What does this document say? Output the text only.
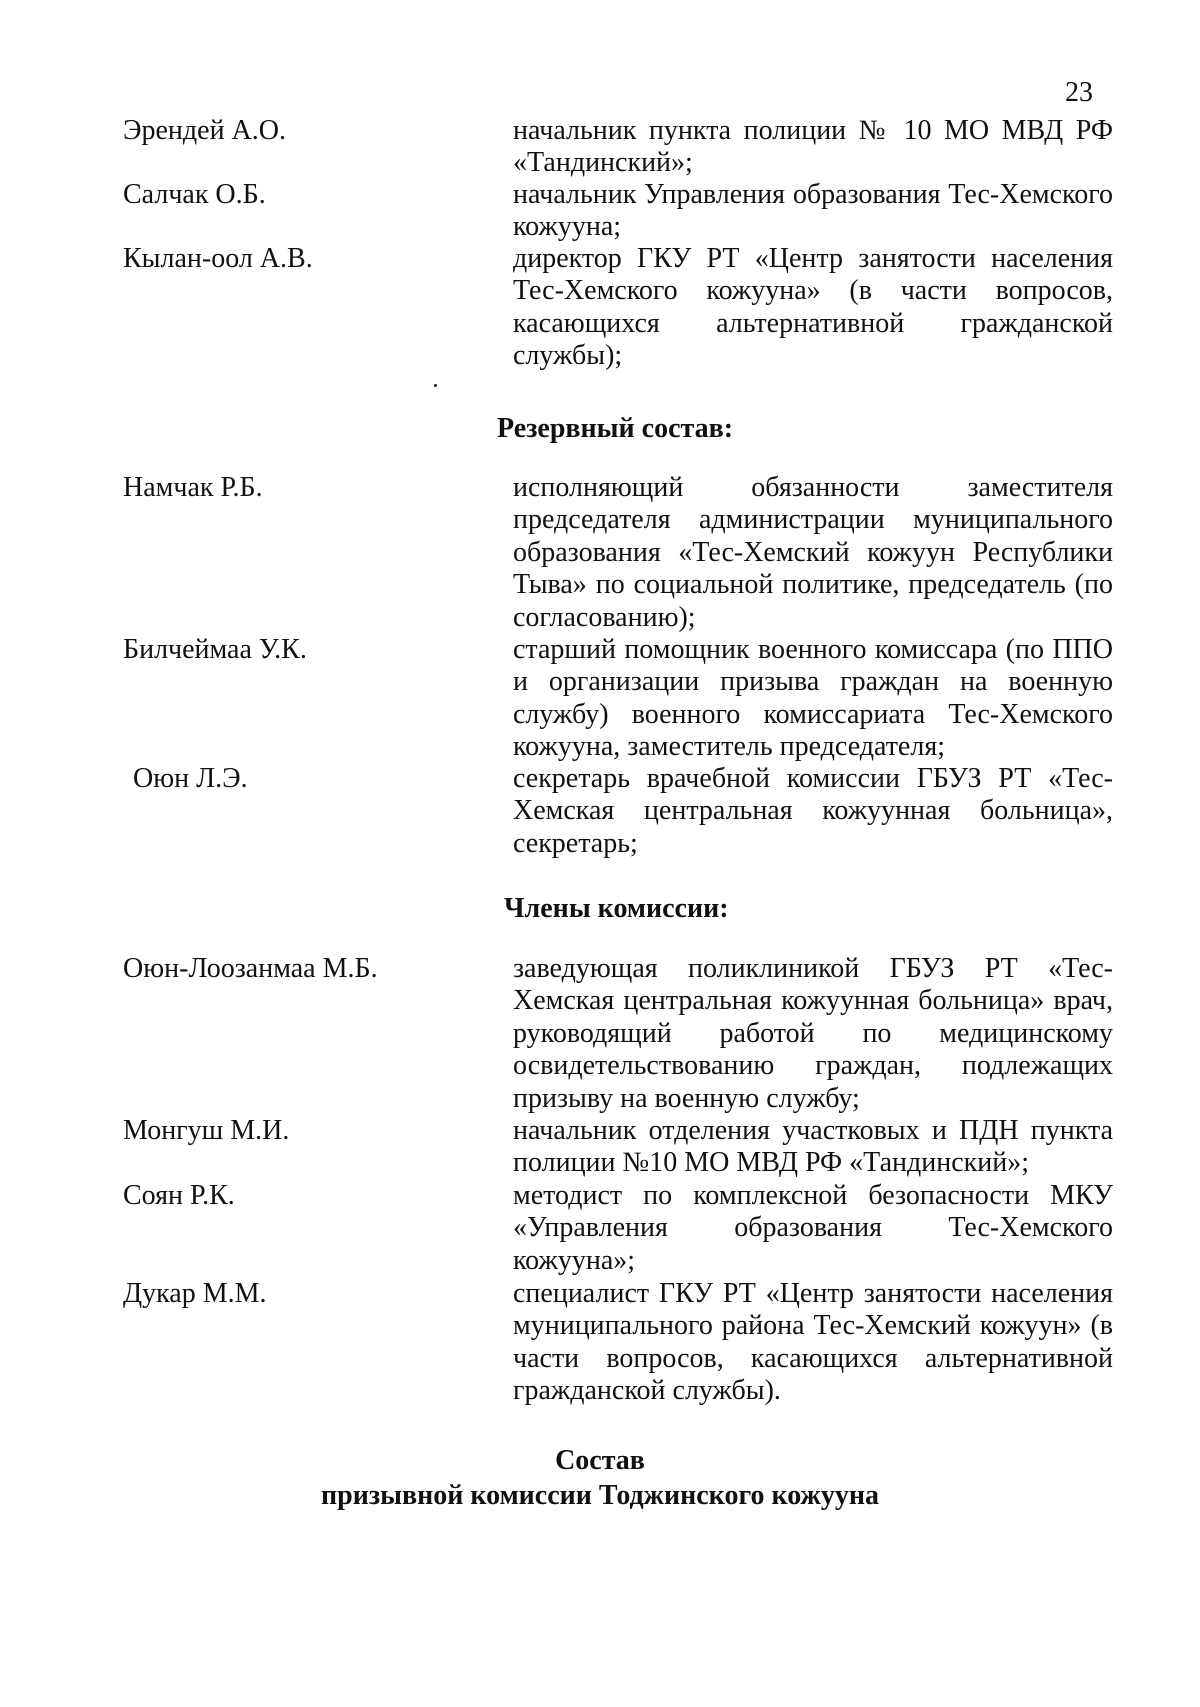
23
Эрендей А.О.	начальник пункта полиции № 10 МО МВД РФ «Тандинский»;
Салчак О.Б.	начальник Управления образования Тес-Хемского кожууна;
Кылан-оол А.В.	директор ГКУ РТ «Центр занятости населения Тес-Хемского кожууна» (в части вопросов, касающихся альтернативной гражданской службы);
Резервный состав:
Намчак Р.Б.	исполняющий обязанности заместителя председателя администрации муниципального образования «Тес-Хемский кожуун Республики Тыва» по социальной политике, председатель (по согласованию);
Билчеймаа У.К.	старший помощник военного комиссара (по ППО и организации призыва граждан на военную службу) военного комиссариата Тес-Хемского кожууна, заместитель председателя;
Оюн Л.Э.	секретарь врачебной комиссии ГБУЗ РТ «Тес-Хемская центральная кожуунная больница», секретарь;
Члены комиссии:
Оюн-Лоозанмаа М.Б.	заведующая поликлиникой ГБУЗ РТ «Тес-Хемская центральная кожуунная больница» врач, руководящий работой по медицинскому освидетельствованию граждан, подлежащих призыву на военную службу;
Монгуш М.И.	начальник отделения участковых и ПДН пункта полиции №10 МО МВД РФ «Тандинский»;
Соян Р.К.	методист по комплексной безопасности МКУ «Управления образования Тес-Хемского кожууна»;
Дукар М.М.	специалист ГКУ РТ «Центр занятости населения муниципального района Тес-Хемский кожуун» (в части вопросов, касающихся альтернативной гражданской службы).
Состав
призывной комиссии Тоджинского кожууна
